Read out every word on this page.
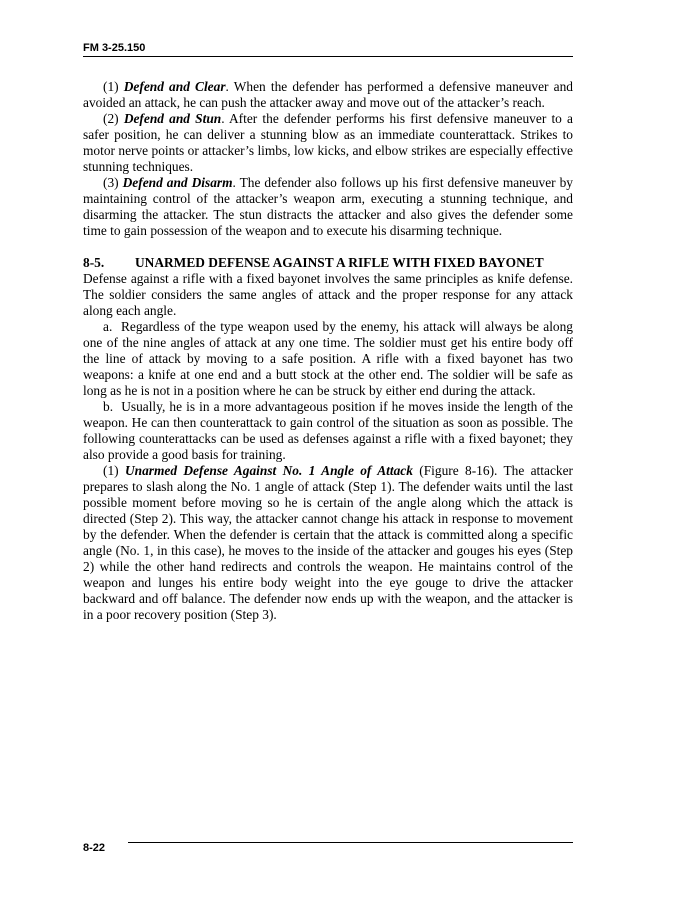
FM 3-25.150

(1) Defend and Clear. When the defender has performed a defensive maneuver and avoided an attack, he can push the attacker away and move out of the attacker’s reach.

(2) Defend and Stun. After the defender performs his first defensive maneuver to a safer position, he can deliver a stunning blow as an immediate counterattack. Strikes to motor nerve points or attacker’s limbs, low kicks, and elbow strikes are especially effective stunning techniques.

(3) Defend and Disarm. The defender also follows up his first defensive maneuver by maintaining control of the attacker’s weapon arm, executing a stunning technique, and disarming the attacker. The stun distracts the attacker and also gives the defender some time to gain possession of the weapon and to execute his disarming technique.

8-5. UNARMED DEFENSE AGAINST A RIFLE WITH FIXED BAYONET

Defense against a rifle with a fixed bayonet involves the same principles as knife defense. The soldier considers the same angles of attack and the proper response for any attack along each angle.

a.  Regardless of the type weapon used by the enemy, his attack will always be along one of the nine angles of attack at any one time. The soldier must get his entire body off the line of attack by moving to a safe position. A rifle with a fixed bayonet has two weapons: a knife at one end and a butt stock at the other end. The soldier will be safe as long as he is not in a position where he can be struck by either end during the attack.

b.  Usually, he is in a more advantageous position if he moves inside the length of the weapon. He can then counterattack to gain control of the situation as soon as possible. The following counterattacks can be used as defenses against a rifle with a fixed bayonet; they also provide a good basis for training.

(1) Unarmed Defense Against No. 1 Angle of Attack (Figure 8-16). The attacker prepares to slash along the No. 1 angle of attack (Step 1). The defender waits until the last possible moment before moving so he is certain of the angle along which the attack is directed (Step 2). This way, the attacker cannot change his attack in response to movement by the defender. When the defender is certain that the attack is committed along a specific angle (No. 1, in this case), he moves to the inside of the attacker and gouges his eyes (Step 2) while the other hand redirects and controls the weapon. He maintains control of the weapon and lunges his entire body weight into the eye gouge to drive the attacker backward and off balance. The defender now ends up with the weapon, and the attacker is in a poor recovery position (Step 3).

8-22
